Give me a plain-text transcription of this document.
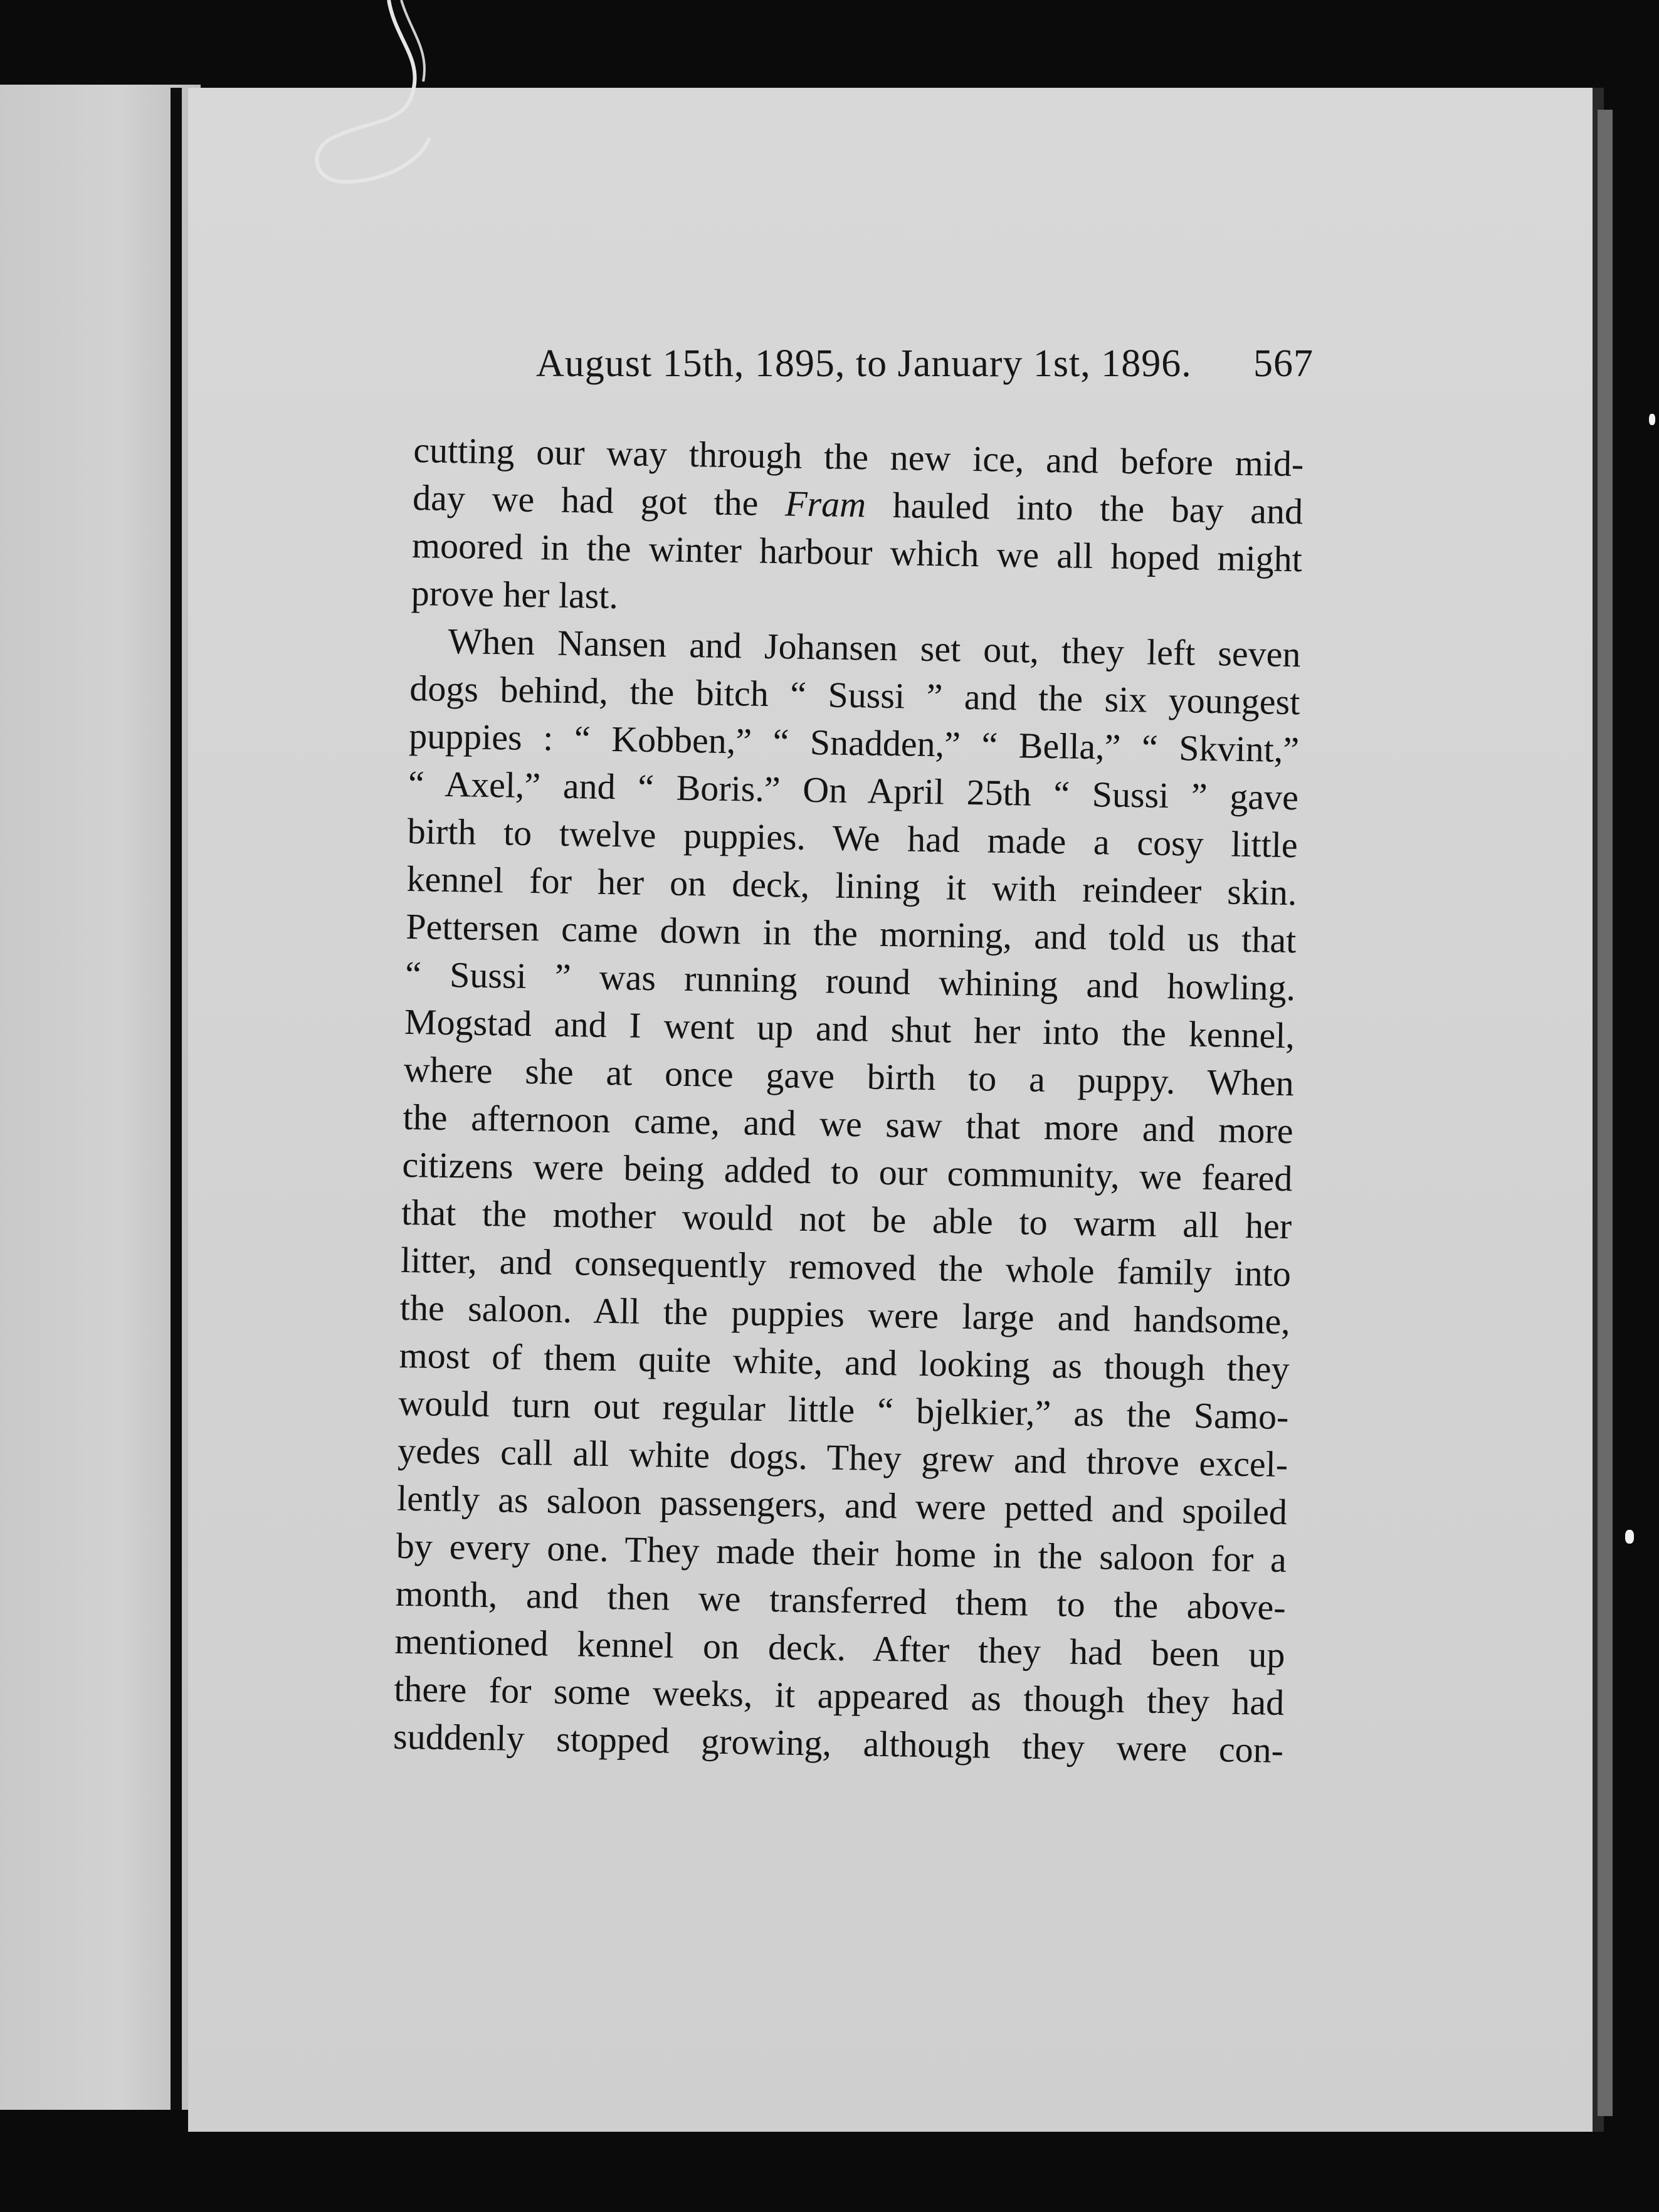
August 15th, 1895, to January 1st, 1896. 567
cutting our way through the new ice, and before mid-
day we had got the Fram hauled into the bay and
moored in the winter harbour which we all hoped might
prove her last.
When Nansen and Johansen set out, they left seven
dogs behind, the bitch “ Sussi ” and the six youngest
puppies : “ Kobben,” “ Snadden,” “ Bella,” “ Skvint,”
“ Axel,” and “ Boris.” On April 25th “ Sussi ” gave
birth to twelve puppies. We had made a cosy little
kennel for her on deck, lining it with reindeer skin.
Pettersen came down in the morning, and told us that
“ Sussi ” was running round whining and howling.
Mogstad and I went up and shut her into the kennel,
where she at once gave birth to a puppy. When
the afternoon came, and we saw that more and more
citizens were being added to our community, we feared
that the mother would not be able to warm all her
litter, and consequently removed the whole family into
the saloon. All the puppies were large and handsome,
most of them quite white, and looking as though they
would turn out regular little “ bjelkier,” as the Samo-
yedes call all white dogs. They grew and throve excel-
lently as saloon passengers, and were petted and spoiled
by every one. They made their home in the saloon for a
month, and then we transferred them to the above-
mentioned kennel on deck. After they had been up
there for some weeks, it appeared as though they had
suddenly stopped growing, although they were con-
